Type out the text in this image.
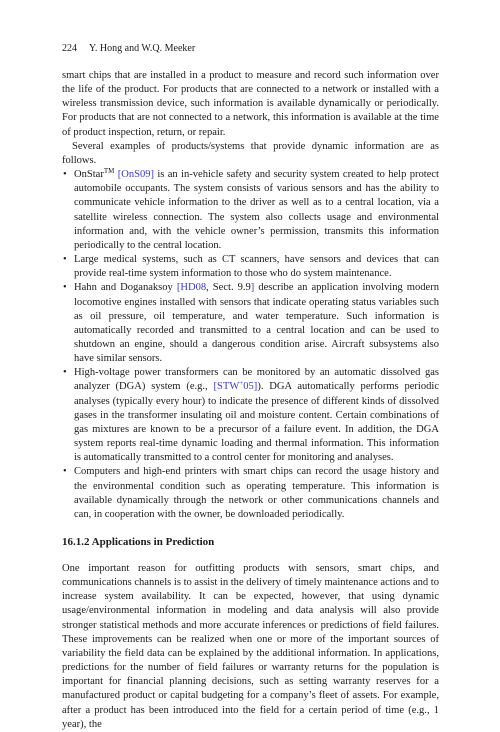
224 Y. Hong and W.Q. Meeker

smart chips that are installed in a product to measure and record such information over the life of the product. For products that are connected to a network or installed with a wireless transmission device, such information is available dynamically or periodically. For products that are not connected to a network, this information is available at the time of product inspection, return, or repair.

Several examples of products/systems that provide dynamic information are as follows.

• OnStar™ [OnS09] is an in-vehicle safety and security system created to help protect automobile occupants. The system consists of various sensors and has the ability to communicate vehicle information to the driver as well as to a central location, via a satellite wireless connection. The system also collects usage and environmental information and, with the vehicle owner’s permission, transmits this information periodically to the central location.
• Large medical systems, such as CT scanners, have sensors and devices that can provide real-time system information to those who do system maintenance.
• Hahn and Doganaksoy [HD08, Sect. 9.9] describe an application involving modern locomotive engines installed with sensors that indicate operating status variables such as oil pressure, oil temperature, and water temperature. Such information is automatically recorded and transmitted to a central location and can be used to shutdown an engine, should a dangerous condition arise. Aircraft subsystems also have similar sensors.
• High-voltage power transformers can be monitored by an automatic dissolved gas analyzer (DGA) system (e.g., [STW+05]). DGA automatically performs periodic analyses (typically every hour) to indicate the presence of different kinds of dissolved gases in the transformer insulating oil and moisture content. Certain combinations of gas mixtures are known to be a precursor of a failure event. In addition, the DGA system reports real-time dynamic loading and thermal information. This information is automatically transmitted to a control center for monitoring and analyses.
• Computers and high-end printers with smart chips can record the usage history and the environmental condition such as operating temperature. This information is available dynamically through the network or other communications channels and can, in cooperation with the owner, be downloaded periodically.
16.1.2 Applications in Prediction

One important reason for outfitting products with sensors, smart chips, and communications channels is to assist in the delivery of timely maintenance actions and to increase system availability. It can be expected, however, that using dynamic usage/environmental information in modeling and data analysis will also provide stronger statistical methods and more accurate inferences or predictions of field failures. These improvements can be realized when one or more of the important sources of variability the field data can be explained by the additional information. In applications, predictions for the number of field failures or warranty returns for the population is important for financial planning decisions, such as setting warranty reserves for a manufactured product or capital budgeting for a company’s fleet of assets. For example, after a product has been introduced into the field for a certain period of time (e.g., 1 year), the
